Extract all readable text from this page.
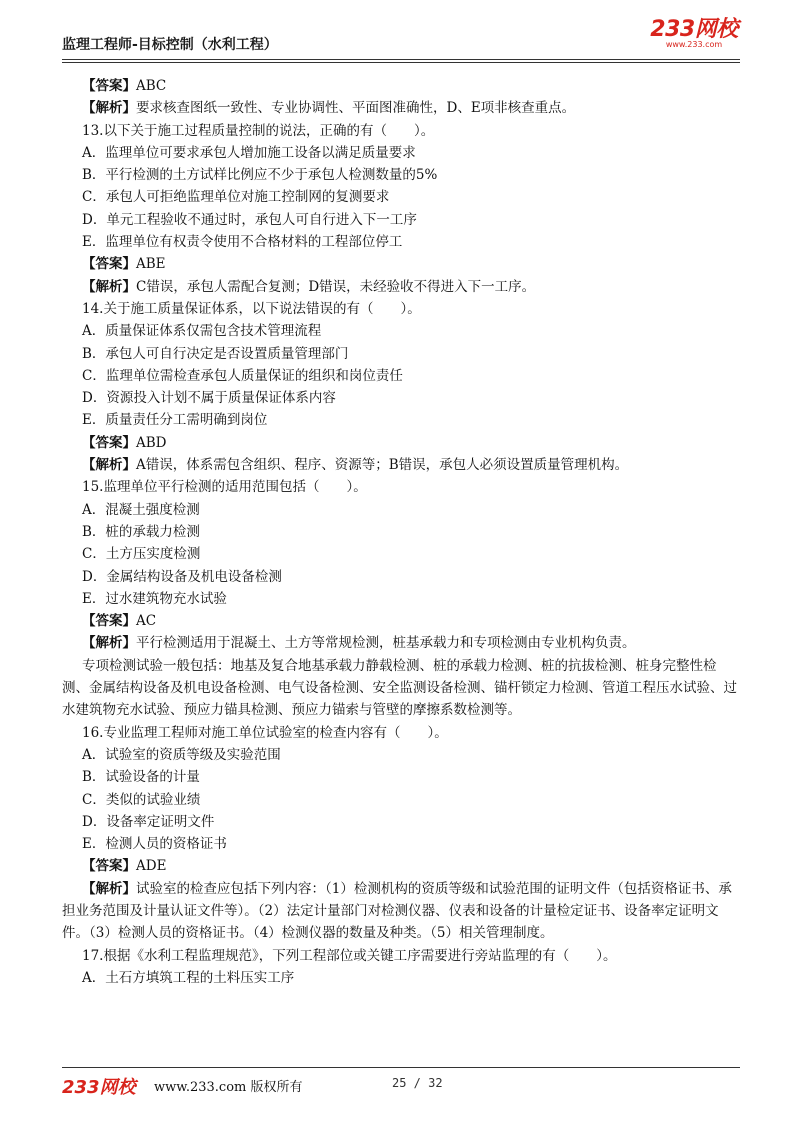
监理工程师-目标控制（水利工程）
233网校
www.233.com

【答案】ABC

【解析】要求核查图纸一致性、专业协调性、平面图准确性，D、E项非核查重点。

13.以下关于施工过程质量控制的说法，正确的有（　　）。

A．监理单位可要求承包人增加施工设备以满足质量要求

B．平行检测的土方试样比例应不少于承包人检测数量的5%

C．承包人可拒绝监理单位对施工控制网的复测要求

D．单元工程验收不通过时，承包人可自行进入下一工序

E．监理单位有权责令使用不合格材料的工程部位停工

【答案】ABE

【解析】C错误，承包人需配合复测；D错误，未经验收不得进入下一工序。

14.关于施工质量保证体系，以下说法错误的有（　　）。

A．质量保证体系仅需包含技术管理流程

B．承包人可自行决定是否设置质量管理部门

C．监理单位需检查承包人质量保证的组织和岗位责任

D．资源投入计划不属于质量保证体系内容

E．质量责任分工需明确到岗位

【答案】ABD

【解析】A错误，体系需包含组织、程序、资源等；B错误，承包人必须设置质量管理机构。

15.监理单位平行检测的适用范围包括（　　）。

A．混凝土强度检测

B．桩的承载力检测

C．土方压实度检测

D．金属结构设备及机电设备检测

E．过水建筑物充水试验

【答案】AC

【解析】平行检测适用于混凝土、土方等常规检测，桩基承载力和专项检测由专业机构负责。

专项检测试验一般包括：地基及复合地基承载力静载检测、桩的承载力检测、桩的抗拔检测、桩身完整性检测、金属结构设备及机电设备检测、电气设备检测、安全监测设备检测、锚杆锁定力检测、管道工程压水试验、过水建筑物充水试验、预应力锚具检测、预应力锚索与管壁的摩擦系数检测等。

16.专业监理工程师对施工单位试验室的检查内容有（　　）。

A．试验室的资质等级及实验范围

B．试验设备的计量

C．类似的试验业绩

D．设备率定证明文件

E．检测人员的资格证书

【答案】ADE

【解析】试验室的检查应包括下列内容：（1）检测机构的资质等级和试验范围的证明文件（包括资格证书、承担业务范围及计量认证文件等）。（2）法定计量部门对检测仪器、仪表和设备的计量检定证书、设备率定证明文件。（3）检测人员的资格证书。（4）检测仪器的数量及种类。（5）相关管理制度。

17.根据《水利工程监理规范》，下列工程部位或关键工序需要进行旁站监理的有（　　）。

A．土石方填筑工程的土料压实工序

233网校 www.233.com 版权所有	25 / 32
